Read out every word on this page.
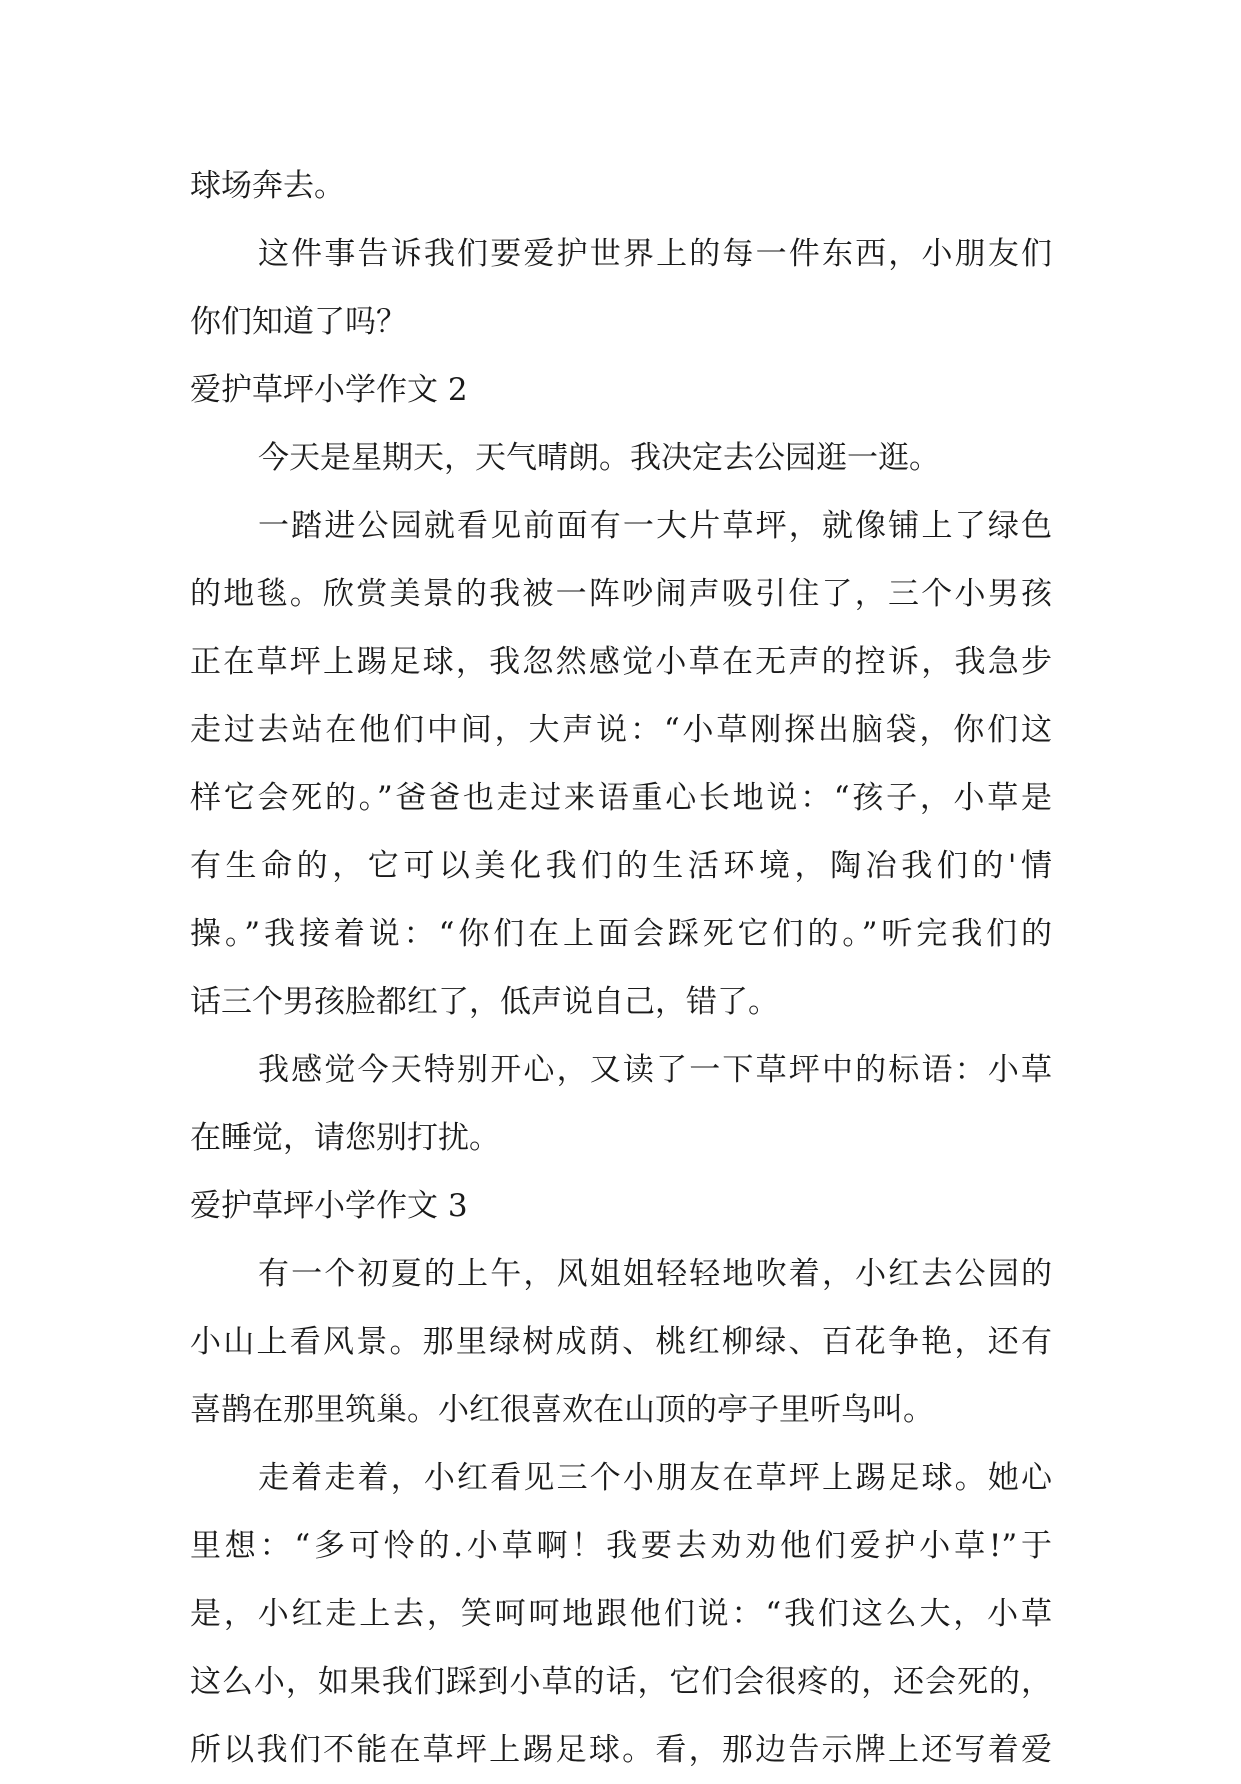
球场奔去。
这件事告诉我们要爱护世界上的每一件东西，小朋友们
你们知道了吗？
爱护草坪小学作文 2
今天是星期天，天气晴朗。我决定去公园逛一逛。
一踏进公园就看见前面有一大片草坪，就像铺上了绿色
的地毯。欣赏美景的我被一阵吵闹声吸引住了，三个小男孩
正在草坪上踢足球，我忽然感觉小草在无声的控诉，我急步
走过去站在他们中间，大声说：“小草刚探出脑袋，你们这
样它会死的。”爸爸也走过来语重心长地说：“孩子，小草是
有生命的，它可以美化我们的生活环境，陶冶我们的'情
操。”我接着说：“你们在上面会踩死它们的。”听完我们的
话三个男孩脸都红了，低声说自己，错了。
我感觉今天特别开心，又读了一下草坪中的标语：小草
在睡觉，请您别打扰。
爱护草坪小学作文 3
有一个初夏的上午，风姐姐轻轻地吹着，小红去公园的
小山上看风景。那里绿树成荫、桃红柳绿、百花争艳，还有
喜鹊在那里筑巢。小红很喜欢在山顶的亭子里听鸟叫。
走着走着，小红看见三个小朋友在草坪上踢足球。她心
里想：“多可怜的.小草啊！我要去劝劝他们爱护小草!”于
是，小红走上去，笑呵呵地跟他们说：“我们这么大，小草
这么小，如果我们踩到小草的话，它们会很疼的，还会死的，
所以我们不能在草坪上踢足球。看，那边告示牌上还写着爱
